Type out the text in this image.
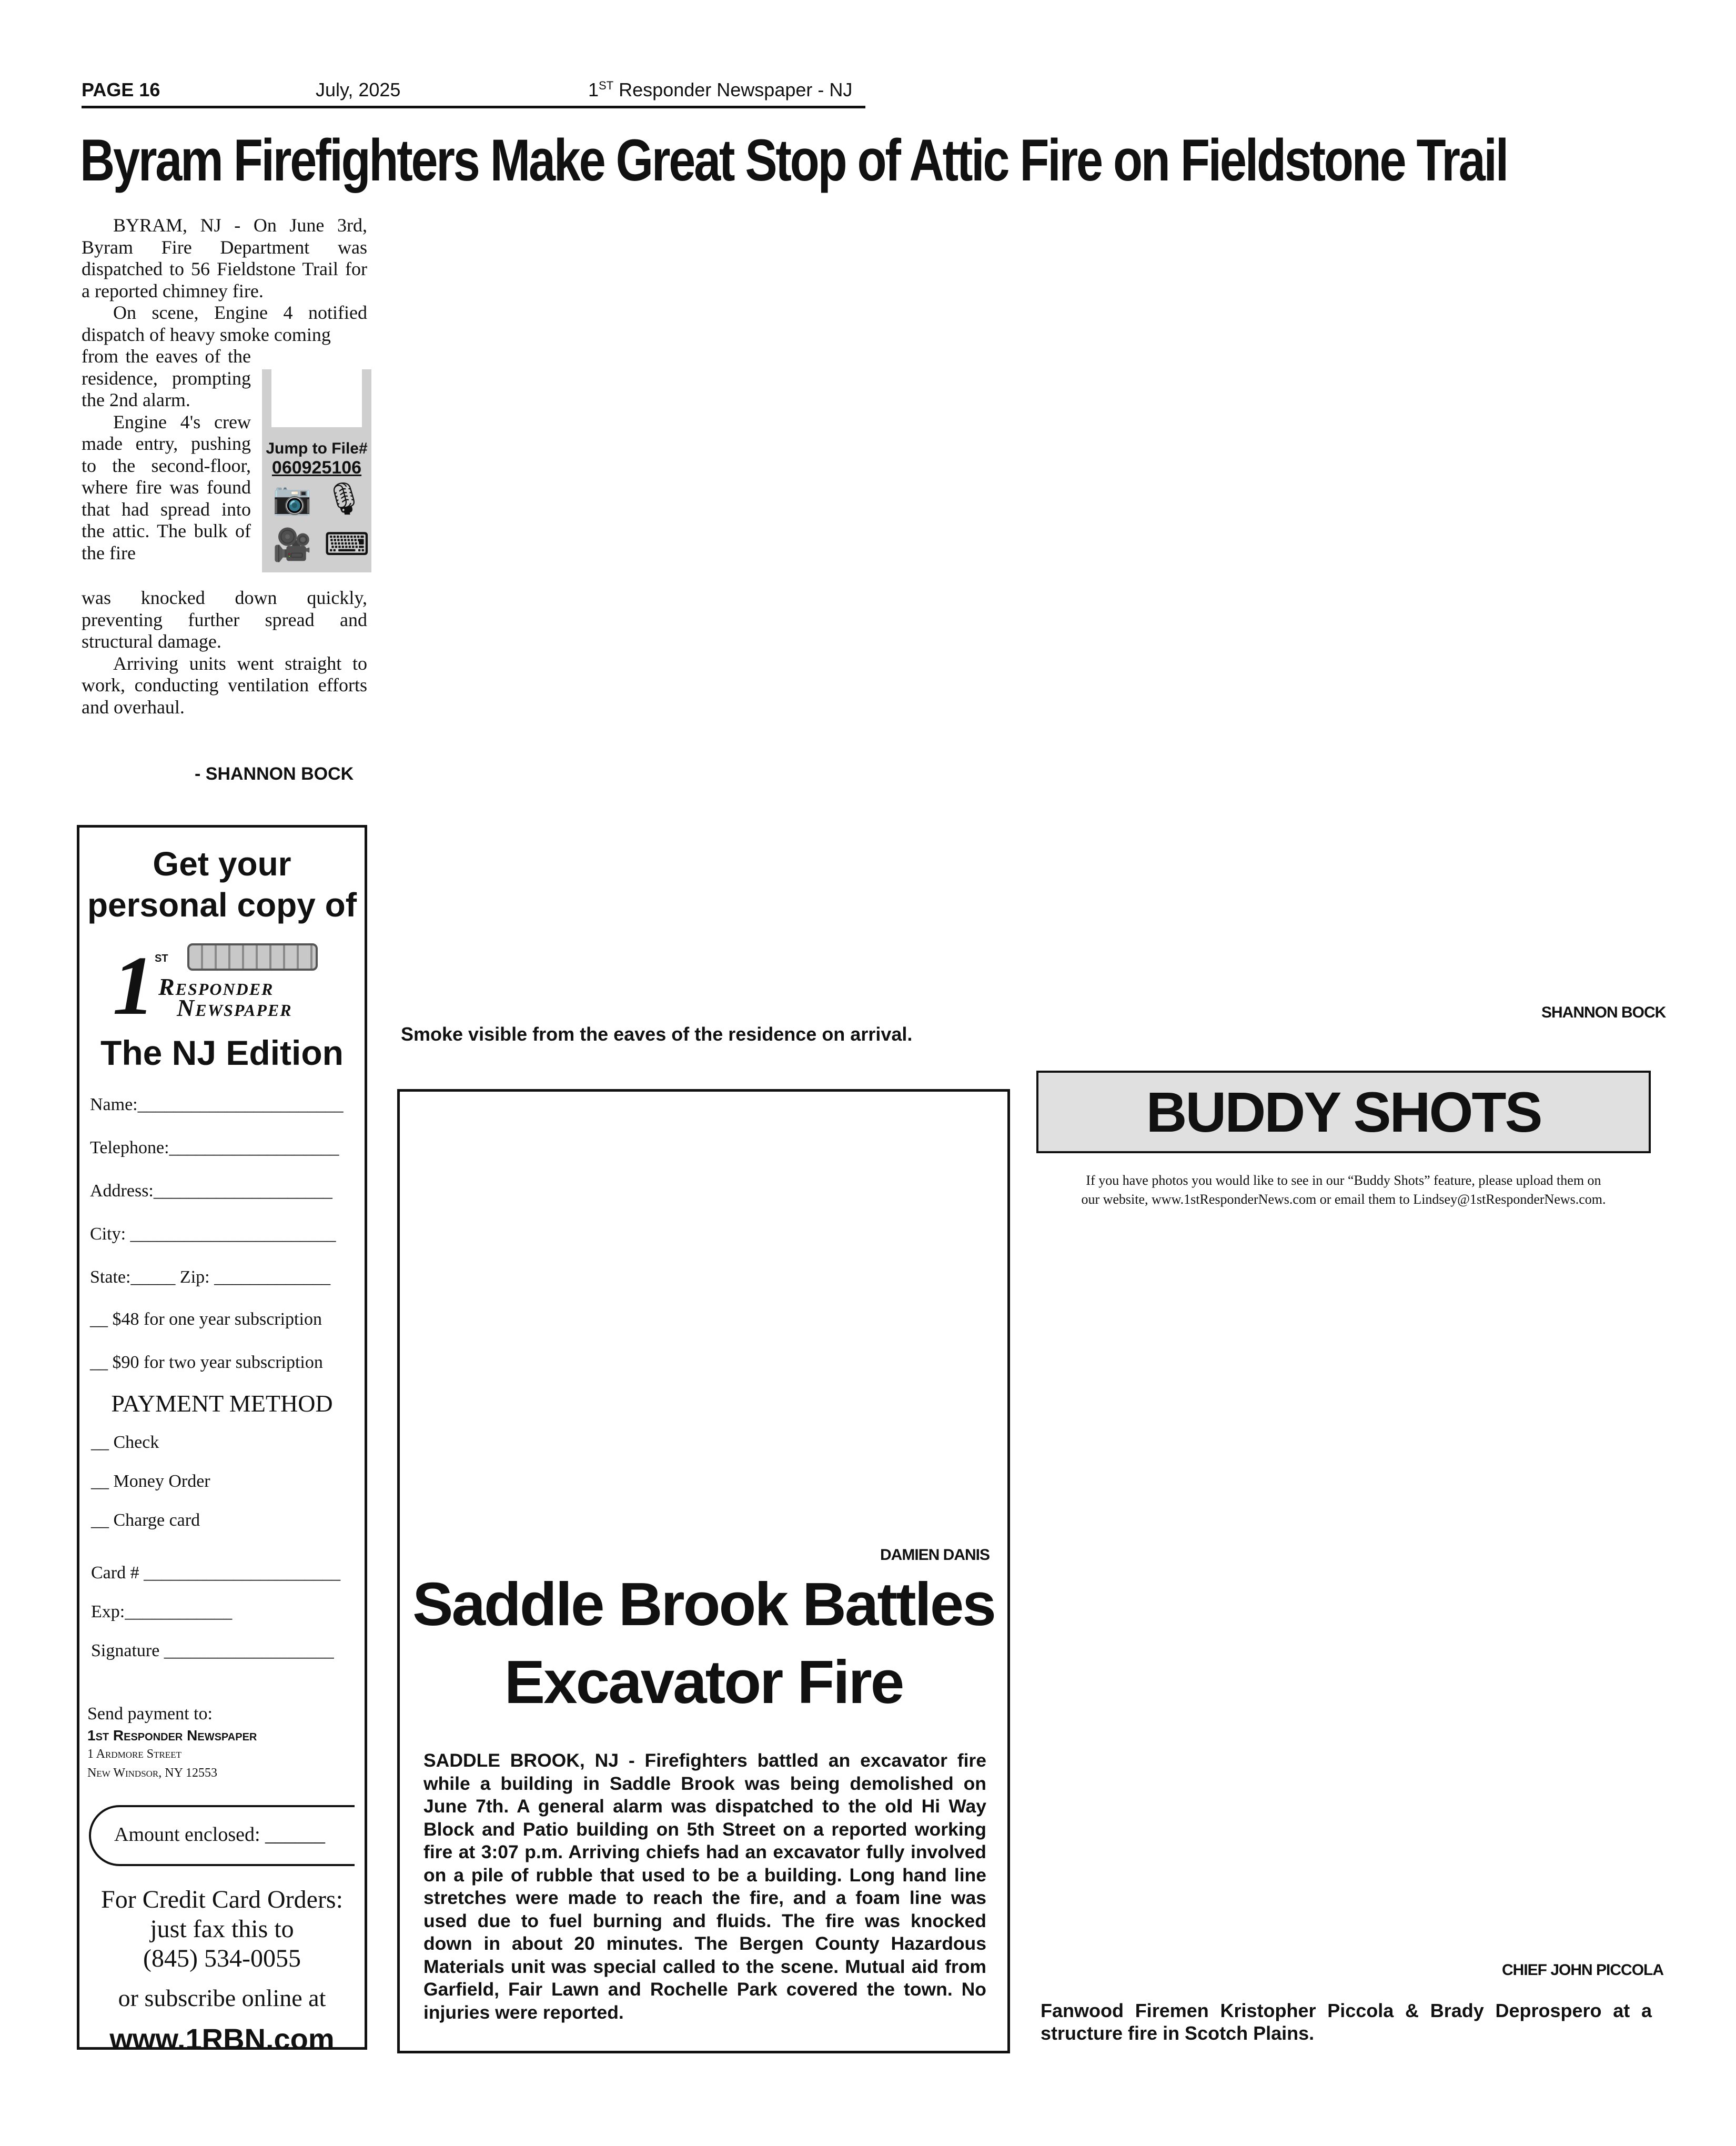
PAGE 16	July, 2025	1ST Responder Newspaper - NJ
Byram Firefighters Make Great Stop of Attic Fire on Fieldstone Trail

BYRAM, NJ - On June 3rd, Byram Fire Department was dispatched to 56 Fieldstone Trail for a reported chimney fire.

On scene, Engine 4 notified dispatch of heavy smoke coming

from the eaves of the residence, prompting the 2nd alarm.

Engine 4's crew made entry, pushing to the second-floor, where fire was found that had spread into the attic. The bulk of the fire

was knocked down quickly, preventing further spread and structural damage.

Arriving units went straight to work, conducting ventilation efforts and overhaul.

Jump to File#
060925106
📷 🎙
🎥 ⌨
- SHANNON BOCK
Get your
personal copy of
1 ST
Responder
Newspaper
The NJ Edition
Name:_______________________
Telephone:___________________
Address:____________________
City: _______________________
State:_____ Zip: _____________
__ $48 for one year subscription
__ $90 for two year subscription
PAYMENT METHOD
__ Check
__ Money Order
__ Charge card
Card # ______________________
Exp:____________
Signature ___________________
Send payment to:
1st Responder Newspaper
1 Ardmore Street
New Windsor, NY 12553
Amount enclosed: ______
For Credit Card Orders:
just fax this to
(845) 534-0055
or subscribe online at
www.1RBN.com
SHANNON BOCK
Smoke visible from the eaves of the residence on arrival.
DAMIEN DANIS
Saddle Brook Battles
Excavator Fire
SADDLE BROOK, NJ - Firefighters battled an excavator fire while a building in Saddle Brook was being demolished on June 7th. A general alarm was dispatched to the old Hi Way Block and Patio building on 5th Street on a reported working fire at 3:07 p.m. Arriving chiefs had an excavator fully involved on a pile of rubble that used to be a building. Long hand line stretches were made to reach the fire, and a foam line was used due to fuel burning and fluids. The fire was knocked down in about 20 minutes. The Bergen County Hazardous Materials unit was special called to the scene. Mutual aid from Garfield, Fair Lawn and Rochelle Park covered the town. No injuries were reported.
BUDDY SHOTS
If you have photos you would like to see in our “Buddy Shots” feature, please upload them on
our website, www.1stResponderNews.com or email them to Lindsey@1stResponderNews.com.
CHIEF JOHN PICCOLA
Fanwood Firemen Kristopher Piccola & Brady Deprospero at a structure fire in Scotch Plains.
